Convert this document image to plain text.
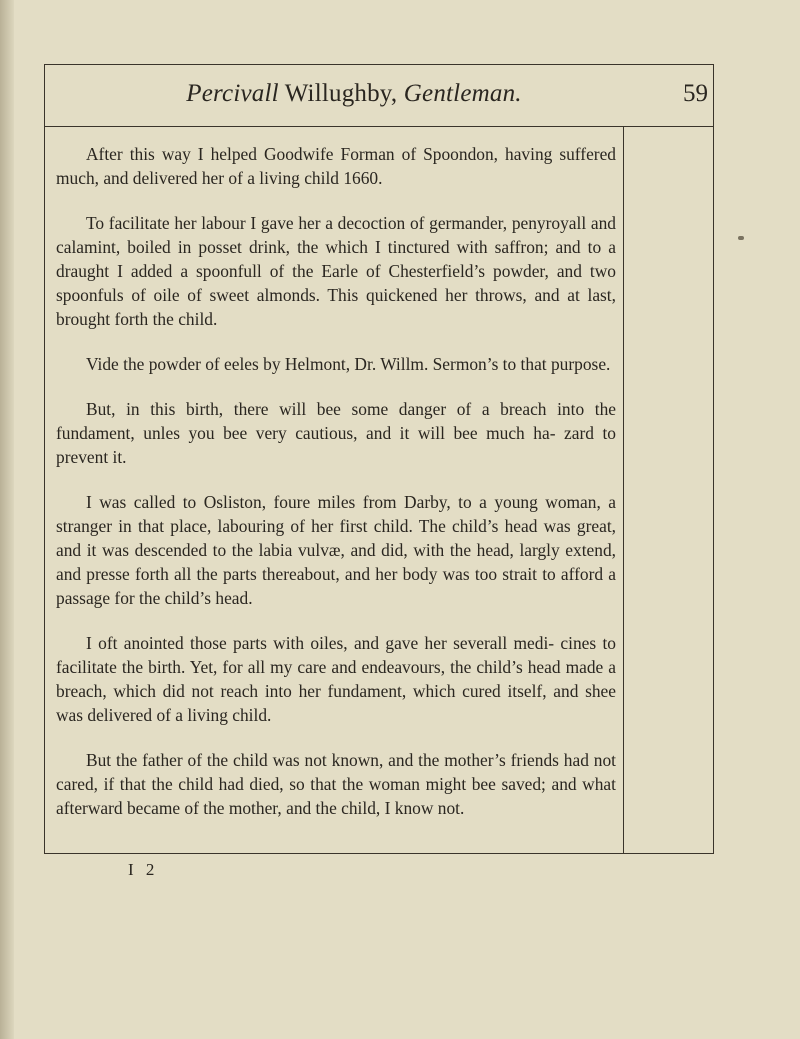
Percivall Willughby, Gentleman.	59

After this way I helped Goodwife Forman of Spoondon, having suffered much, and delivered her of a living child 1660.

To facilitate her labour I gave her a decoction of germander, penyroyall and calamint, boiled in posset drink, the which I tinctured with saffron; and to a draught I added a spoonfull of the Earle of Chesterfield’s powder, and two spoonfuls of oile of sweet almonds. This quickened her throws, and at last, brought forth the child.

Vide the powder of eeles by Helmont, Dr. Willm. Sermon’s to that purpose.

But, in this birth, there will bee some danger of a breach into the fundament, unles you bee very cautious, and it will bee much ha- zard to prevent it.

I was called to Osliston, foure miles from Darby, to a young woman, a stranger in that place, labouring of her first child. The child’s head was great, and it was descended to the labia vulvæ, and did, with the head, largly extend, and presse forth all the parts thereabout, and her body was too strait to afford a passage for the child’s head.

I oft anointed those parts with oiles, and gave her severall medi- cines to facilitate the birth. Yet, for all my care and endeavours, the child’s head made a breach, which did not reach into her fundament, which cured itself, and shee was delivered of a living child.

But the father of the child was not known, and the mother’s friends had not cared, if that the child had died, so that the woman might bee saved; and what afterward became of the mother, and the child, I know not.

I 2
